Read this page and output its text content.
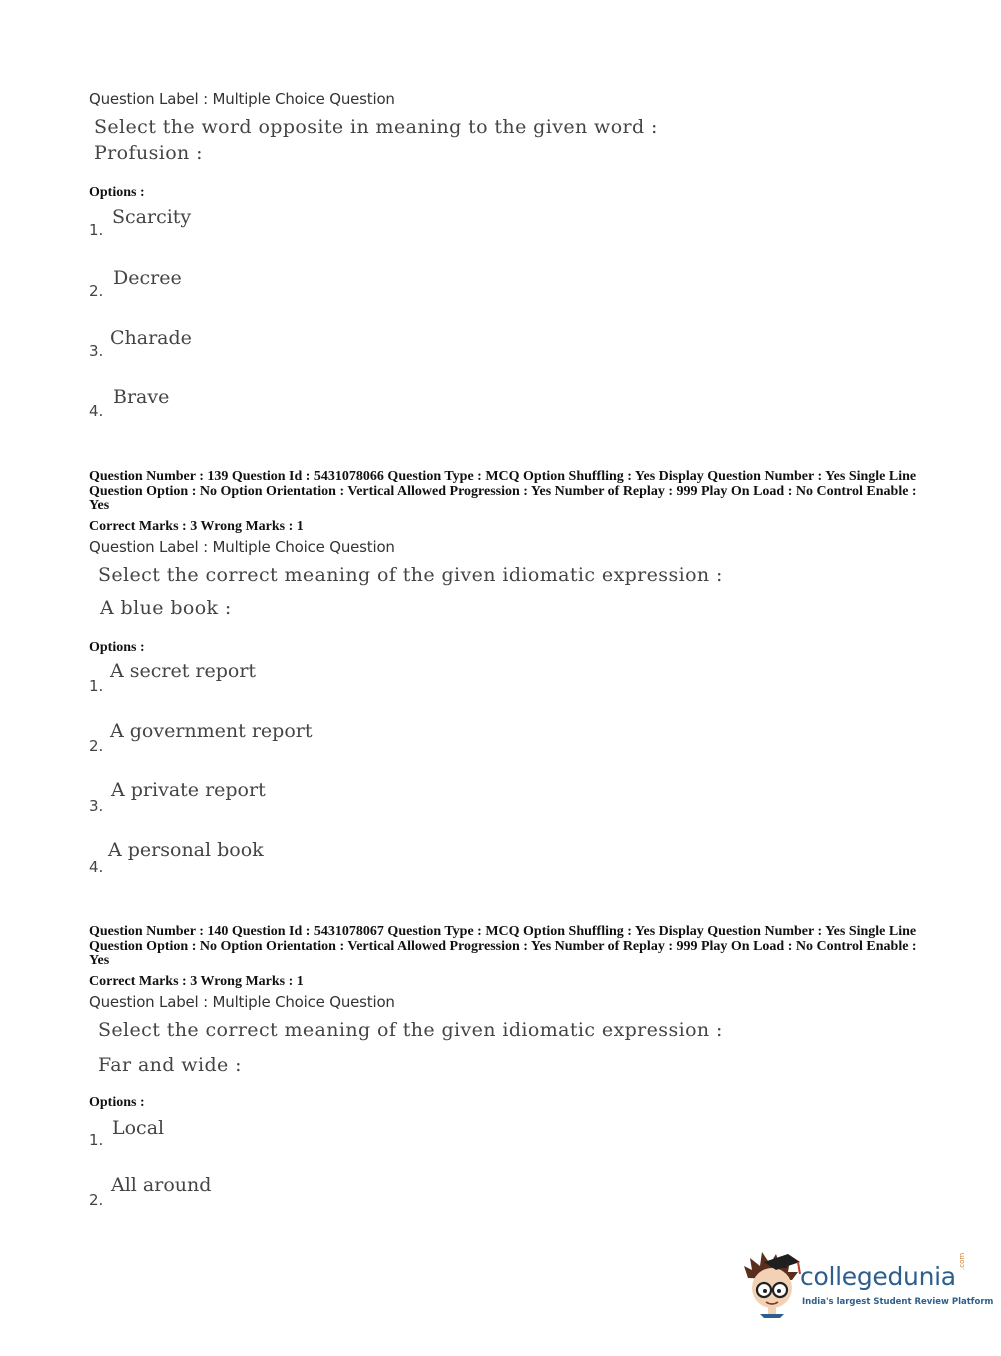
Question Label : Multiple Choice Question
Select the word opposite in meaning to the given word :
Profusion :
Options :
1.
Scarcity
2.
Decree
3.
Charade
4.
Brave
Question Number : 139 Question Id : 5431078066 Question Type : MCQ Option Shuffling : Yes Display Question Number : Yes Single Line Question Option : No Option Orientation : Vertical Allowed Progression : Yes Number of Replay : 999 Play On Load : No Control Enable : Yes
Correct Marks : 3 Wrong Marks : 1
Question Label : Multiple Choice Question
Select the correct meaning of the given idiomatic expression :
A blue book :
Options :
1.
A secret report
2.
A government report
3.
A private report
4.
A personal book
Question Number : 140 Question Id : 5431078067 Question Type : MCQ Option Shuffling : Yes Display Question Number : Yes Single Line Question Option : No Option Orientation : Vertical Allowed Progression : Yes Number of Replay : 999 Play On Load : No Control Enable : Yes
Correct Marks : 3 Wrong Marks : 1
Question Label : Multiple Choice Question
Select the correct meaning of the given idiomatic expression :
Far and wide :
Options :
1.
Local
2.
All around
collegedunia
.com
India's largest Student Review Platform
